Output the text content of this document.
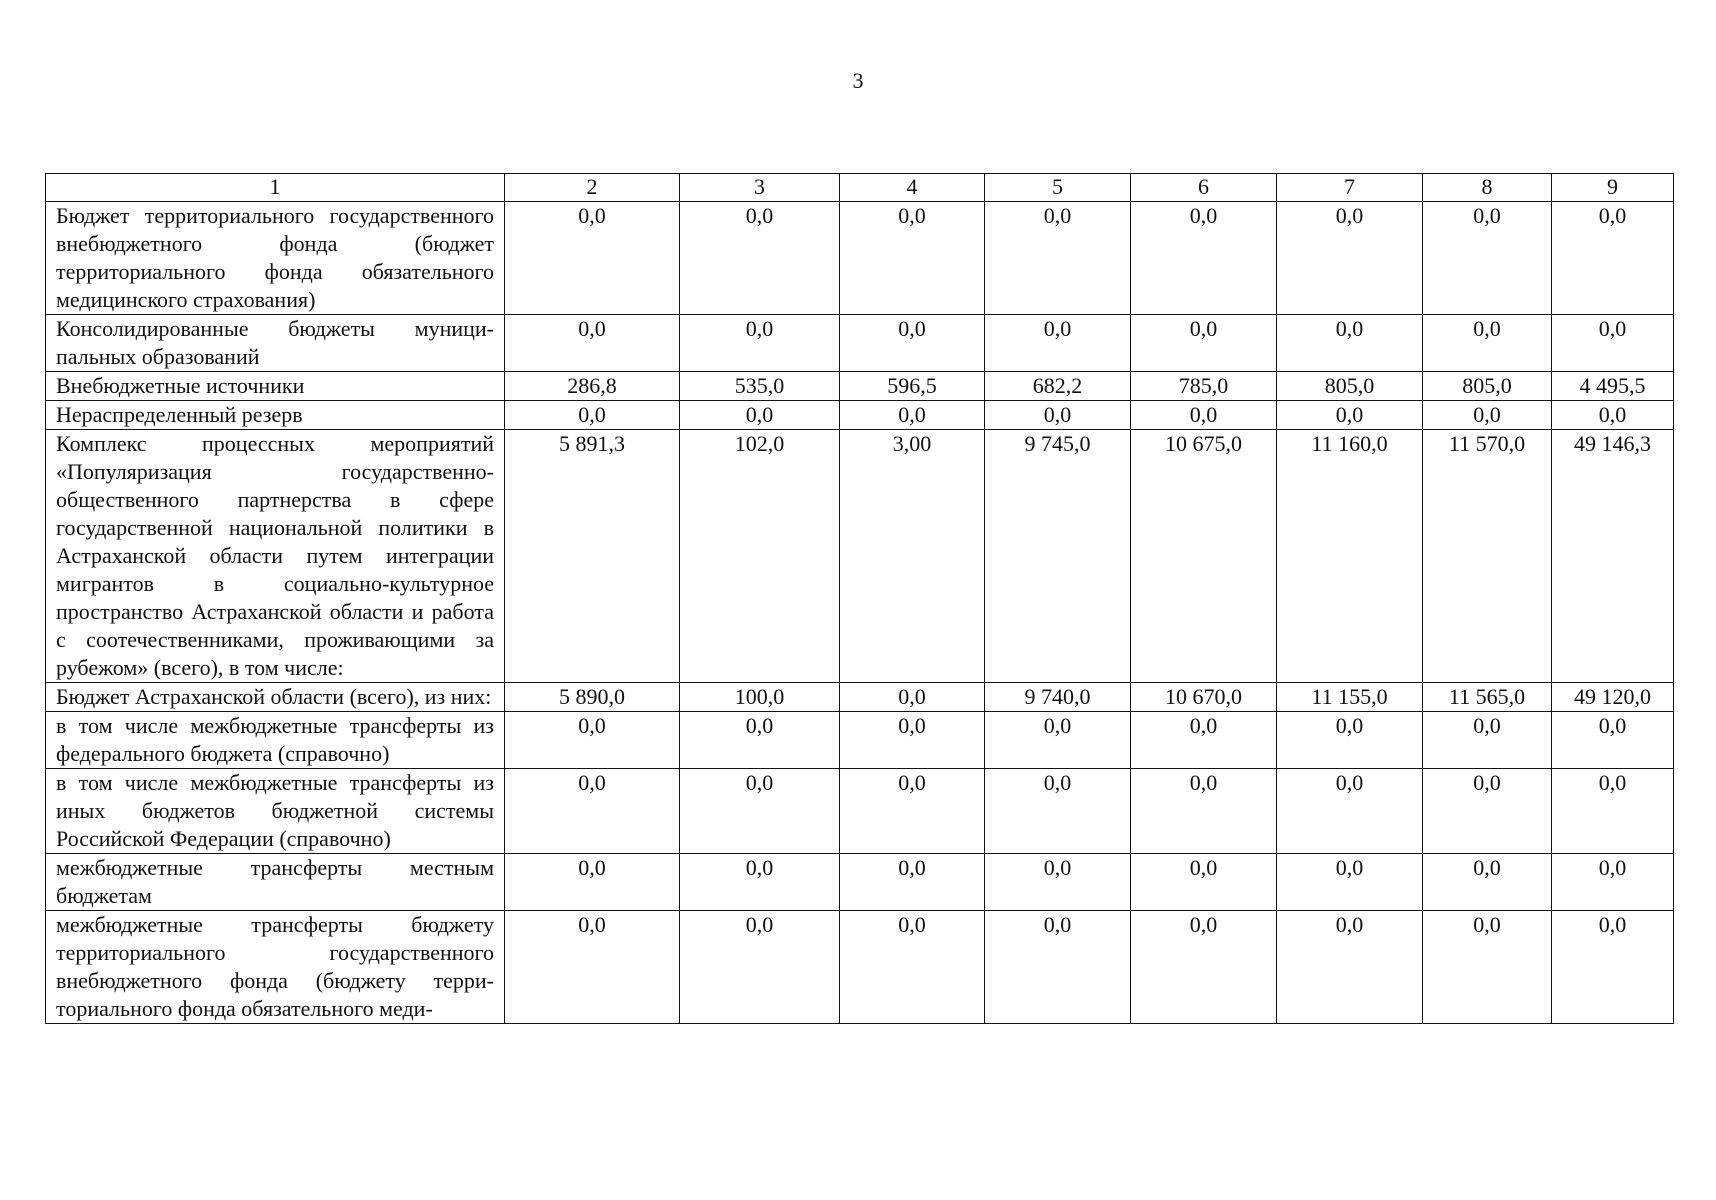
3
1	2	3	4	5	6	7	8	9
Бюджет территориального государственного внебюджетного фонда (бюджет территориального фонда обязательного медицинского страхования)	0,0	0,0	0,0	0,0	0,0	0,0	0,0	0,0
Консолидированные бюджеты муниципальных образований	0,0	0,0	0,0	0,0	0,0	0,0	0,0	0,0
Внебюджетные источники	286,8	535,0	596,5	682,2	785,0	805,0	805,0	4 495,5
Нераспределенный резерв	0,0	0,0	0,0	0,0	0,0	0,0	0,0	0,0
Комплекс процессных мероприятий «Популяризация государственно-общественного партнерства в сфере государственной национальной политики в Астраханской области путем интеграции мигрантов в социально-культурное пространство Астраханской области и работа с соотечественниками, проживающими за рубежом» (всего), в том числе:	5 891,3	102,0	3,00	9 745,0	10 675,0	11 160,0	11 570,0	49 146,3
Бюджет Астраханской области (всего), из них:	5 890,0	100,0	0,0	9 740,0	10 670,0	11 155,0	11 565,0	49 120,0
в том числе межбюджетные трансферты из федерального бюджета (справочно)	0,0	0,0	0,0	0,0	0,0	0,0	0,0	0,0
в том числе межбюджетные трансферты из иных бюджетов бюджетной системы Российской Федерации (справочно)	0,0	0,0	0,0	0,0	0,0	0,0	0,0	0,0
межбюджетные трансферты местным бюджетам	0,0	0,0	0,0	0,0	0,0	0,0	0,0	0,0
межбюджетные трансферты бюджету территориального государственного внебюджетного фонда (бюджету территориального фонда обязательного меди-	0,0	0,0	0,0	0,0	0,0	0,0	0,0	0,0
